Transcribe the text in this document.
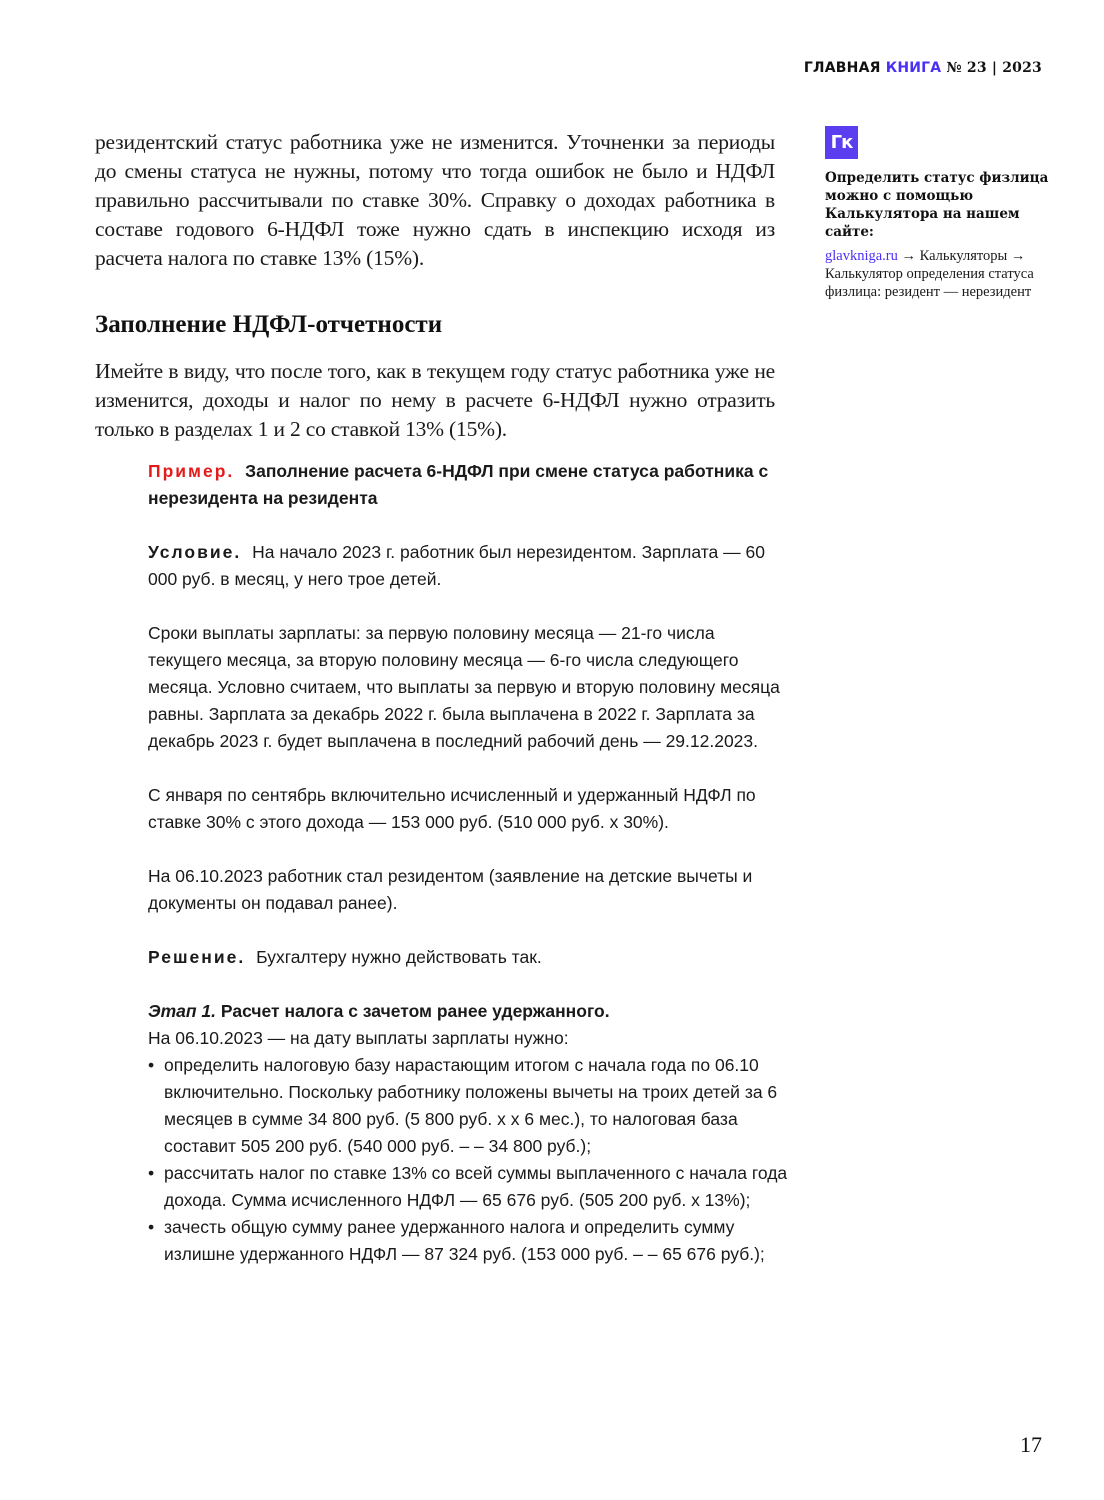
ГЛАВНАЯ КНИГА № 23 | 2023

резидентский статус работника уже не изменится. Уточненки за периоды до смены статуса не нужны, потому что тогда ошибок не было и НДФЛ правильно рассчитывали по ставке 30%. Справку о доходах работника в составе годового 6-НДФЛ тоже нужно сдать в инспекцию исходя из расчета налога по ставке 13% (15%).

Заполнение НДФЛ-отчетности

Имейте в виду, что после того, как в текущем году статус работника уже не изменится, доходы и налог по нему в расчете 6-НДФЛ нужно отразить только в разделах 1 и 2 со ставкой 13% (15%).

Пример. Заполнение расчета 6-НДФЛ при смене статуса работника с нерезидента на резидента

Условие. На начало 2023 г. работник был нерезидентом. Зарплата — 60 000 руб. в месяц, у него трое детей.

Сроки выплаты зарплаты: за первую половину месяца — 21-го числа текущего месяца, за вторую половину месяца — 6-го числа следующего месяца. Условно считаем, что выплаты за первую и вторую половину месяца равны. Зарплата за декабрь 2022 г. была выплачена в 2022 г. Зарплата за декабрь 2023 г. будет выплачена в последний рабочий день — 29.12.2023.

С января по сентябрь включительно исчисленный и удержанный НДФЛ по ставке 30% с этого дохода — 153 000 руб. (510 000 руб. х 30%).

На 06.10.2023 работник стал резидентом (заявление на детские вычеты и документы он подавал ранее).

Решение. Бухгалтеру нужно действовать так.

Этап 1. Расчет налога с зачетом ранее удержанного.

На 06.10.2023 — на дату выплаты зарплаты нужно:

• определить налоговую базу нарастающим итогом с начала года по 06.10 включительно. Поскольку работнику положены вычеты на троих детей за 6 месяцев в сумме 34 800 руб. (5 800 руб. х х 6 мес.), то налоговая база составит 505 200 руб. (540 000 руб. – – 34 800 руб.);
• рассчитать налог по ставке 13% со всей суммы выплаченного с начала года дохода. Сумма исчисленного НДФЛ — 65 676 руб. (505 200 руб. х 13%);
• зачесть общую сумму ранее удержанного налога и определить сумму излишне удержанного НДФЛ — 87 324 руб. (153 000 руб. – – 65 676 руб.);
Гк
Определить статус физлица можно с помощью Калькулятора на нашем сайте:
glavkniga.ru → Калькуляторы → Калькулятор определения статуса физлица: резидент — нерезидент
17
